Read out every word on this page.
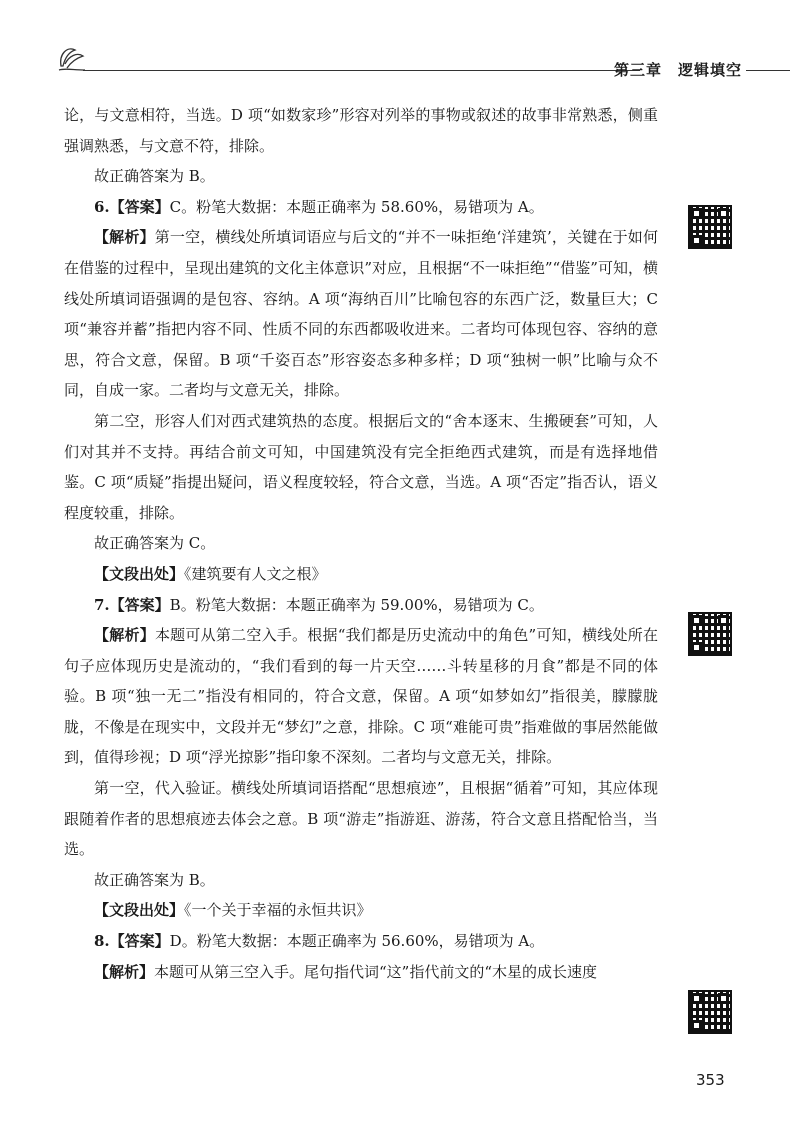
第三章　逻辑填空

论，与文意相符，当选。D 项“如数家珍”形容对列举的事物或叙述的故事非常熟悉，侧重强调熟悉，与文意不符，排除。

故正确答案为 B。

6.【答案】C。粉笔大数据：本题正确率为 58.60%，易错项为 A。

【解析】第一空，横线处所填词语应与后文的“并不一味拒绝‘洋建筑’，关键在于如何在借鉴的过程中，呈现出建筑的文化主体意识”对应，且根据“不一味拒绝”“借鉴”可知，横线处所填词语强调的是包容、容纳。A 项“海纳百川”比喻包容的东西广泛，数量巨大；C 项“兼容并蓄”指把内容不同、性质不同的东西都吸收进来。二者均可体现包容、容纳的意思，符合文意，保留。B 项“千姿百态”形容姿态多种多样；D 项“独树一帜”比喻与众不同，自成一家。二者均与文意无关，排除。

第二空，形容人们对西式建筑热的态度。根据后文的“舍本逐末、生搬硬套”可知，人们对其并不支持。再结合前文可知，中国建筑没有完全拒绝西式建筑，而是有选择地借鉴。C 项“质疑”指提出疑问，语义程度较轻，符合文意，当选。A 项“否定”指否认，语义程度较重，排除。

故正确答案为 C。

【文段出处】《建筑要有人文之根》

7.【答案】B。粉笔大数据：本题正确率为 59.00%，易错项为 C。

【解析】本题可从第二空入手。根据“我们都是历史流动中的角色”可知，横线处所在句子应体现历史是流动的，“我们看到的每一片天空……斗转星移的月食”都是不同的体验。B 项“独一无二”指没有相同的，符合文意，保留。A 项“如梦如幻”指很美，朦朦胧胧，不像是在现实中，文段并无“梦幻”之意，排除。C 项“难能可贵”指难做的事居然能做到，值得珍视；D 项“浮光掠影”指印象不深刻。二者均与文意无关，排除。

第一空，代入验证。横线处所填词语搭配“思想痕迹”，且根据“循着”可知，其应体现跟随着作者的思想痕迹去体会之意。B 项“游走”指游逛、游荡，符合文意且搭配恰当，当选。

故正确答案为 B。

【文段出处】《一个关于幸福的永恒共识》

8.【答案】D。粉笔大数据：本题正确率为 56.60%，易错项为 A。

【解析】本题可从第三空入手。尾句指代词“这”指代前文的“木星的成长速度

353
